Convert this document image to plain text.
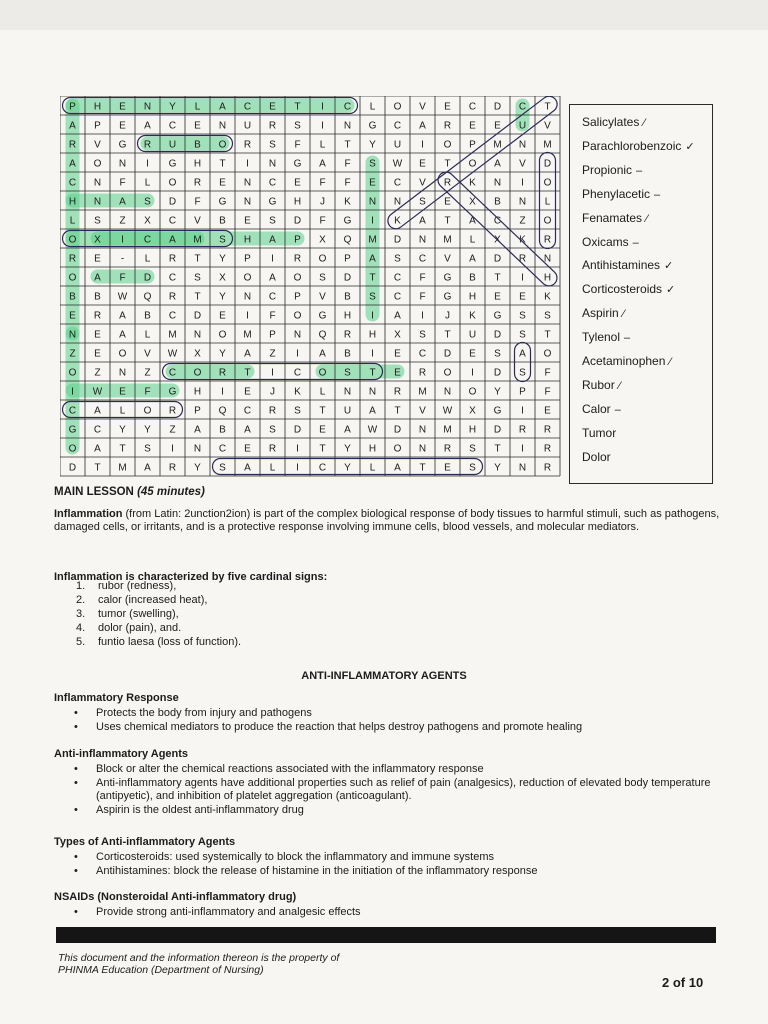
P H E N Y L A C E T I C L O V E C D C T
A P E A C E N U R S I N G C A R E E U V
R V G R U B O R S F L T Y U I O P M N M
A O N I G H T I N G A F S W E T O A V D
C N F L O R E N C E F F E C V R K N I O
H N A S D F G N G H J K N N S E X B N L
L S Z X C V B E S D F G I K A T A C Z O
O X I C A M S H A P X Q M D N M L X K R
R E - L R T Y P I R O P A S C V A D R N
O A F D C S X O A O S D T C F G B T I H
B B W Q R T Y N C P V B S C F G H E E K
E R A B C D E I F O G H I A I J K G S S
N E A L M N O M P N Q R H X S T U D S T
Z E O V W X Y A Z I A B I E C D E S A O
O Z N Z C O R T I C O S T E R O I D S F
I W E F G H I E J K L N N R M N O Y P F
C A L O R P Q C R S T U A T V W X G I E
G C Y Y Z A B A S D E A W D N M H D R R
O A T S I N C E R I T Y H O N R S T I R
D T M A R Y S A L I C Y L A T E S Y N R
Salicylates ⁄
Parachlorobenzoic ✓
Propionic –
Phenylacetic –
Fenamates ⁄
Oxicams –
Antihistamines ✓
Corticosteroids ✓
Aspirin ⁄
Tylenol –
Acetaminophen ⁄
Rubor ⁄
Calor –
Tumor
Dolor
MAIN LESSON (45 minutes)
Inflammation (from Latin: 2unction2ion) is part of the complex biological response of body tissues to harmful stimuli, such as pathogens, damaged cells, or irritants, and is a protective response involving immune cells, blood vessels, and molecular mediators.
Inflammation is characterized by five cardinal signs:
1. rubor (redness),
2. calor (increased heat),
3. tumor (swelling),
4. dolor (pain), and.
5. funtio laesa (loss of function).
ANTI-INFLAMMATORY AGENTS
Inflammatory Response
• Protects the body from injury and pathogens
• Uses chemical mediators to produce the reaction that helps destroy pathogens and promote healing
Anti-inflammatory Agents
• Block or alter the chemical reactions associated with the inflammatory response
• Anti-inflammatory agents have additional properties such as relief of pain (analgesics), reduction of elevated body temperature (antipyetic), and inhibition of platelet aggregation (anticoagulant).
• Aspirin is the oldest anti-inflammatory drug
Types of Anti-inflammatory Agents
• Corticosteroids: used systemically to block the inflammatory and immune systems
• Antihistamines: block the release of histamine in the initiation of the inflammatory response
NSAIDs (Nonsteroidal Anti-inflammatory drug)
• Provide strong anti-inflammatory and analgesic effects
This document and the information thereon is the property of
PHINMA Education (Department of Nursing)
2 of 10
